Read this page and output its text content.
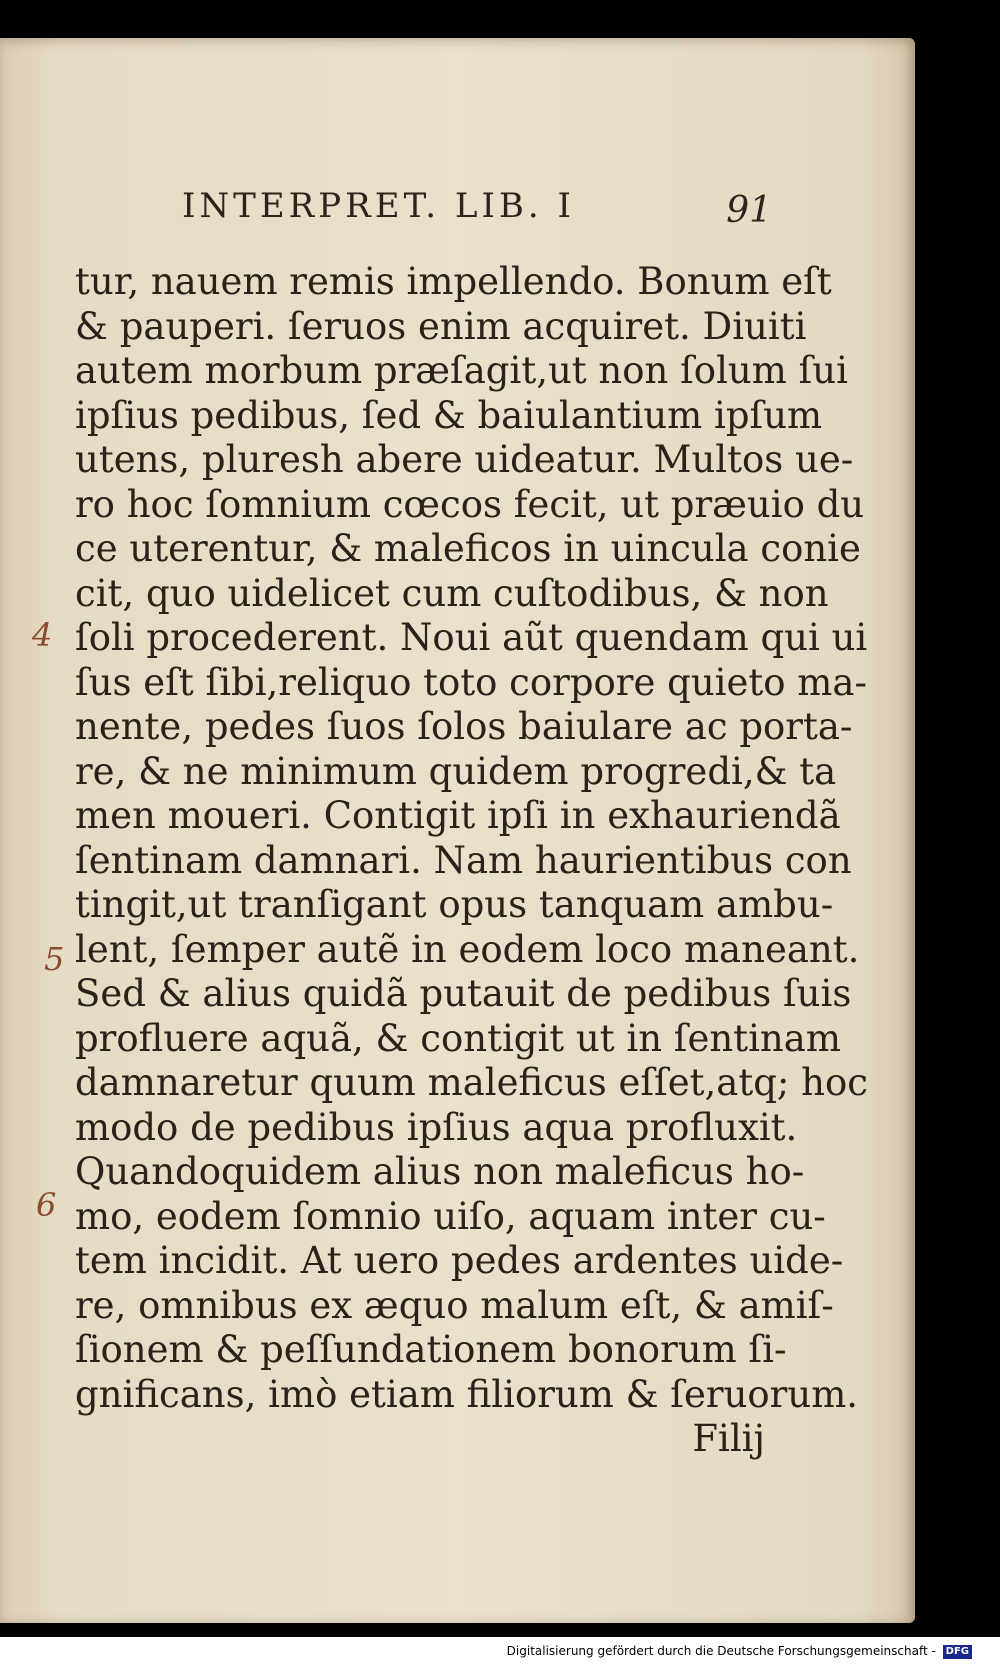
INTERPRET. LIB. I	91
tur, nauem remis impellendo. Bonum eſt
& pauperi. ſeruos enim acquiret. Diuiti
autem morbum præſagit,ut non ſolum ſui
ipſius pedibus, ſed & baiulantium ipſum
utens, pluresh abere uideatur. Multos ue-
ro hoc ſomnium cœcos fecit, ut præuio du
ce uterentur, & maleficos in uincula conie
cit, quo uidelicet cum cuſtodibus, & non
ſoli procederent. Noui aũt quendam qui ui
ſus eſt ſibi,reliquo toto corpore quieto ma-
nente, pedes ſuos ſolos baiulare ac porta-
re, & ne minimum quidem progredi,& ta
men moueri. Contigit ipſi in exhauriendã
ſentinam damnari. Nam haurientibus con
tingit,ut tranſigant opus tanquam ambu-
lent, ſemper autẽ in eodem loco maneant.
Sed & alius quidã putauit de pedibus ſuis
profluere aquã, & contigit ut in ſentinam
damnaretur quum maleficus eſſet,atq; hoc
modo de pedibus ipſius aqua profluxit.
Quandoquidem alius non maleficus ho-
mo, eodem ſomnio uiſo, aquam inter cu-
tem incidit. At uero pedes ardentes uide-
re, omnibus ex æquo malum eſt, & amiſ-
ſionem & peſſundationem bonorum ſi-
gnificans, imò etiam filiorum & ſeruorum.
Filij
4
5
6
Digitalisierung gefördert durch die Deutsche Forschungsgemeinschaft - DFG
